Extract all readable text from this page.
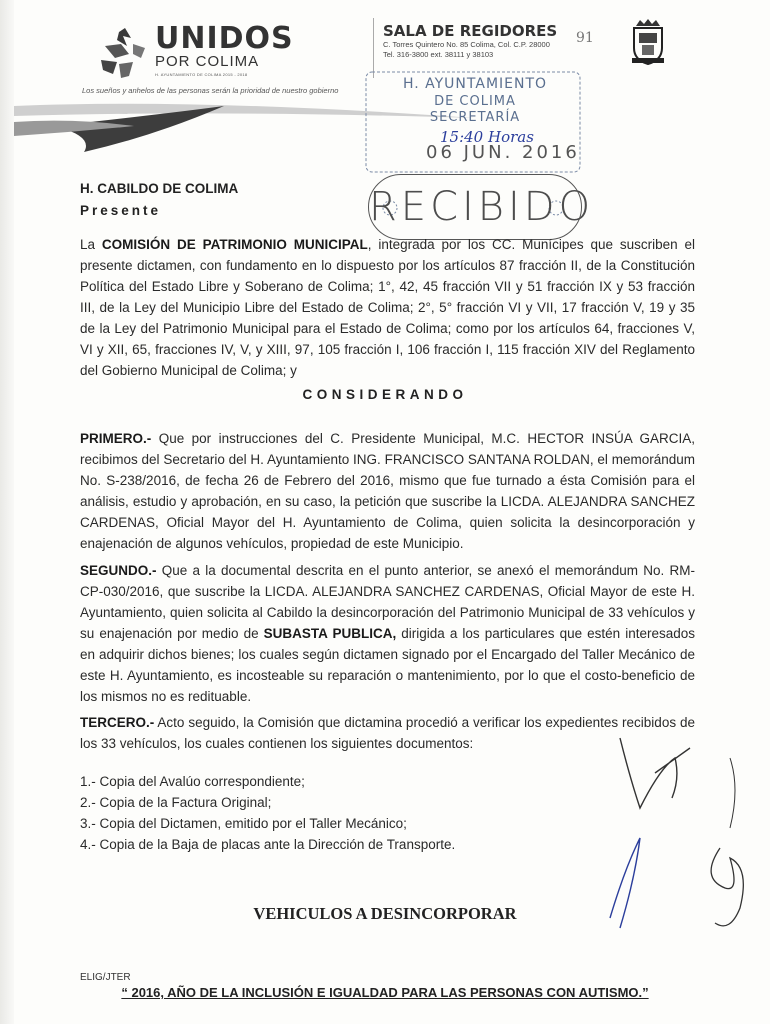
UNIDOS
POR COLIMA
H. AYUNTAMIENTO DE COLIMA 2015 - 2018
SALA DE REGIDORES
C. Torres Quintero No. 85 Colima, Col. C.P. 28000
Tel. 316-3800 ext. 38111 y 38103
91
Los sueños y anhelos de las personas serán la prioridad de nuestro gobierno	H. AYUNTAMIENTO
DE COLIMA
SECRETARÍA
15:40 Horas
06 JUN. 2016
RECIBIDO
H. CABILDO DE COLIMA
Presente
La COMISIÓN DE PATRIMONIO MUNICIPAL, integrada por los CC. Munícipes que suscriben el presente dictamen, con fundamento en lo dispuesto por los artículos 87 fracción II, de la Constitución Política del Estado Libre y Soberano de Colima; 1°, 42, 45 fracción VII y 51 fracción IX y 53 fracción III, de la Ley del Municipio Libre del Estado de Colima; 2°, 5° fracción VI y VII, 17 fracción V, 19 y 35 de la Ley del Patrimonio Municipal para el Estado de Colima; como por los artículos 64, fracciones V, VI y XII, 65, fracciones IV, V, y XIII, 97, 105 fracción I, 106 fracción I, 115 fracción XIV del Reglamento del Gobierno Municipal de Colima; y
CONSIDERANDO
PRIMERO.- Que por instrucciones del C. Presidente Municipal, M.C. HECTOR INSÚA GARCIA, recibimos del Secretario del H. Ayuntamiento ING. FRANCISCO SANTANA ROLDAN, el memorándum No. S-238/2016, de fecha 26 de Febrero del 2016, mismo que fue turnado a ésta Comisión para el análisis, estudio y aprobación, en su caso, la petición que suscribe la LICDA. ALEJANDRA SANCHEZ CARDENAS, Oficial Mayor del H. Ayuntamiento de Colima, quien solicita la desincorporación y enajenación de algunos vehículos, propiedad de este Municipio.
SEGUNDO.- Que a la documental descrita en el punto anterior, se anexó el memorándum No. RM-CP-030/2016, que suscribe la LICDA. ALEJANDRA SANCHEZ CARDENAS, Oficial Mayor de este H. Ayuntamiento, quien solicita al Cabildo la desincorporación del Patrimonio Municipal de 33 vehículos y su enajenación por medio de SUBASTA PUBLICA, dirigida a los particulares que estén interesados en adquirir dichos bienes; los cuales según dictamen signado por el Encargado del Taller Mecánico de este H. Ayuntamiento, es incosteable su reparación o mantenimiento, por lo que el costo-beneficio de los mismos no es redituable.
TERCERO.- Acto seguido, la Comisión que dictamina procedió a verificar los expedientes recibidos de los 33 vehículos, los cuales contienen los siguientes documentos:
1.- Copia del Avalúo correspondiente;
2.- Copia de la Factura Original;
3.- Copia del Dictamen, emitido por el Taller Mecánico;
4.- Copia de la Baja de placas ante la Dirección de Transporte.
VEHICULOS A DESINCORPORAR
ELIG/JTER
“ 2016, AÑO DE LA INCLUSIÓN E IGUALDAD PARA LAS PERSONAS CON AUTISMO.”
